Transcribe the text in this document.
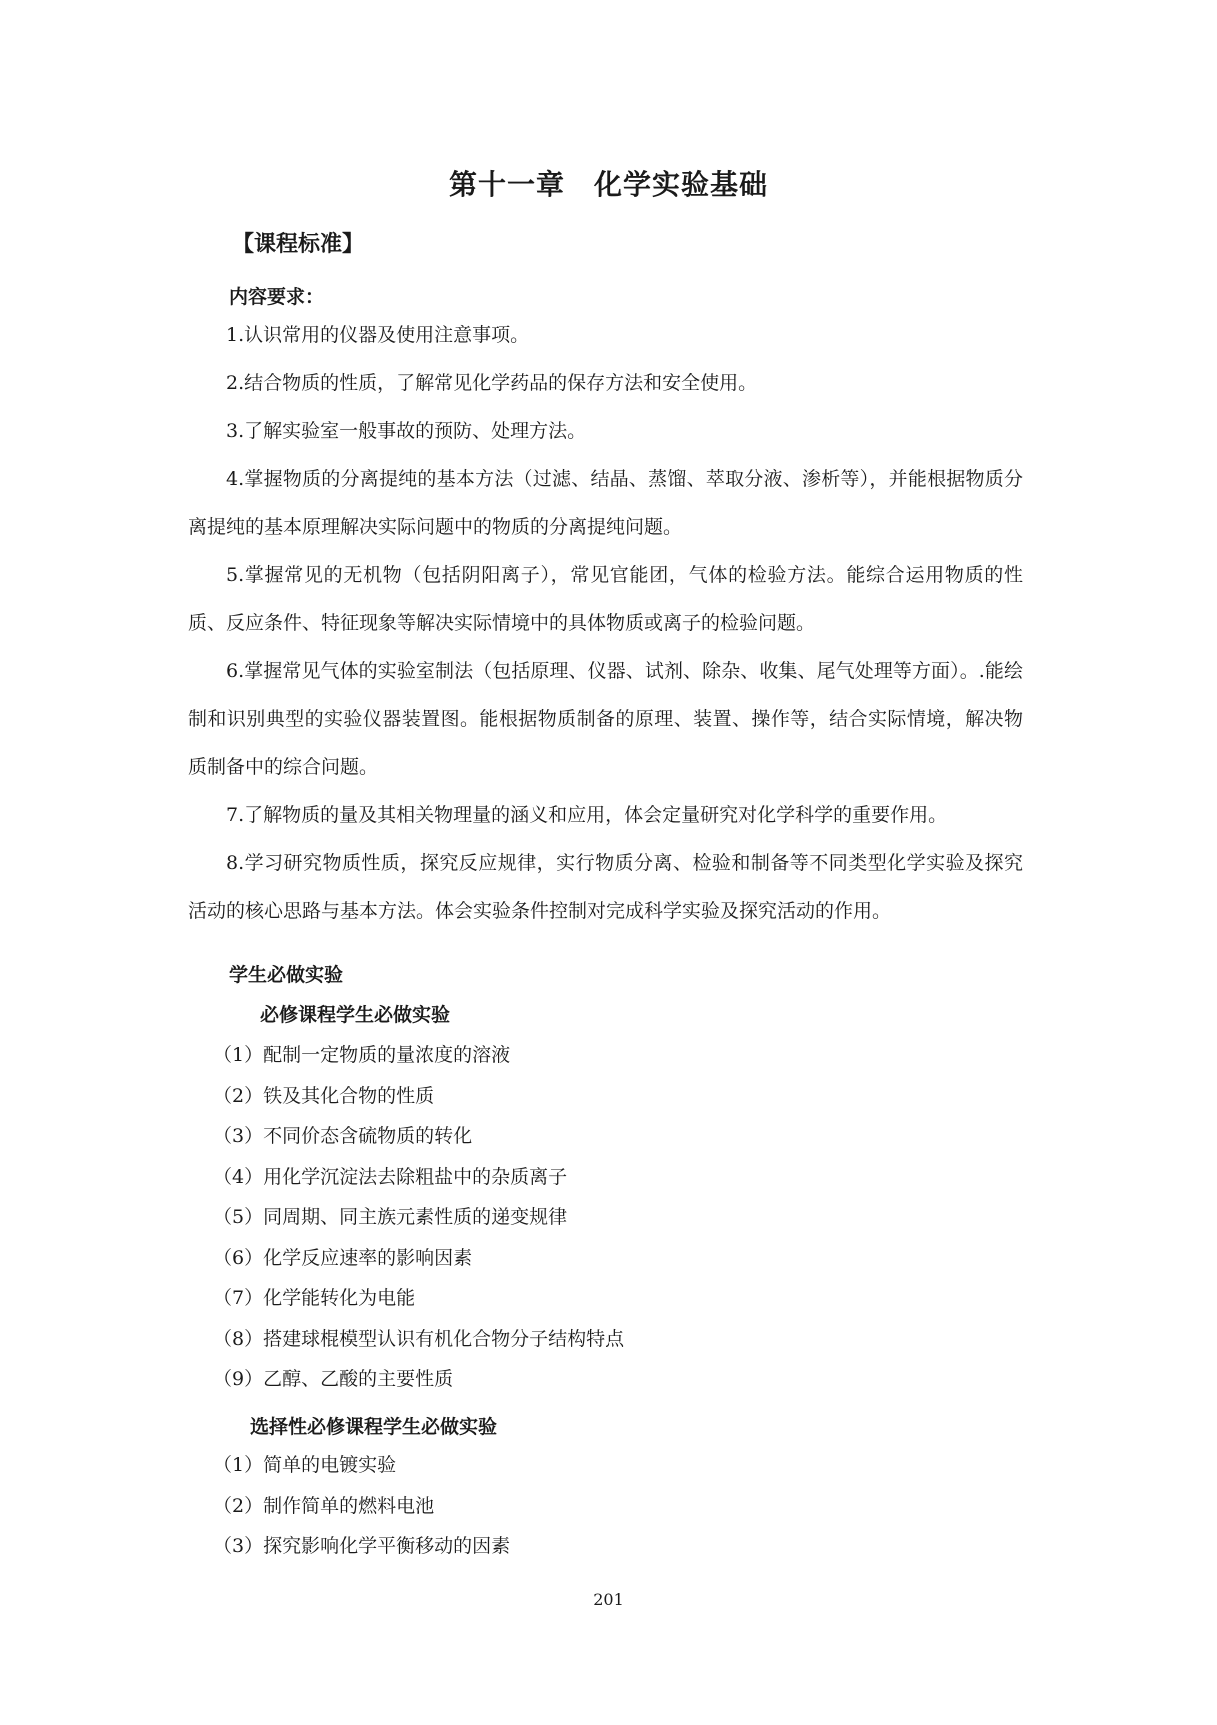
第十一章　化学实验基础
【课程标准】
内容要求：

1.认识常用的仪器及使用注意事项。

2.结合物质的性质，了解常见化学药品的保存方法和安全使用。

3.了解实验室一般事故的预防、处理方法。

4.掌握物质的分离提纯的基本方法（过滤、结晶、蒸馏、萃取分液、渗析等），并能根据物质分离提纯的基本原理解决实际问题中的物质的分离提纯问题。

5.掌握常见的无机物（包括阴阳离子），常见官能团，气体的检验方法。能综合运用物质的性质、反应条件、特征现象等解决实际情境中的具体物质或离子的检验问题。

6.掌握常见气体的实验室制法（包括原理、仪器、试剂、除杂、收集、尾气处理等方面）。.能绘制和识别典型的实验仪器装置图。能根据物质制备的原理、装置、操作等，结合实际情境，解决物质制备中的综合问题。

7.了解物质的量及其相关物理量的涵义和应用，体会定量研究对化学科学的重要作用。

8.学习研究物质性质，探究反应规律，实行物质分离、检验和制备等不同类型化学实验及探究活动的核心思路与基本方法。体会实验条件控制对完成科学实验及探究活动的作用。

学生必做实验
必修课程学生必做实验
（1）配制一定物质的量浓度的溶液
（2）铁及其化合物的性质
（3）不同价态含硫物质的转化
（4）用化学沉淀法去除粗盐中的杂质离子
（5）同周期、同主族元素性质的递变规律
（6）化学反应速率的影响因素
（7）化学能转化为电能
（8）搭建球棍模型认识有机化合物分子结构特点
（9）乙醇、乙酸的主要性质
选择性必修课程学生必做实验
（1）简单的电镀实验
（2）制作简单的燃料电池
（3）探究影响化学平衡移动的因素
201
